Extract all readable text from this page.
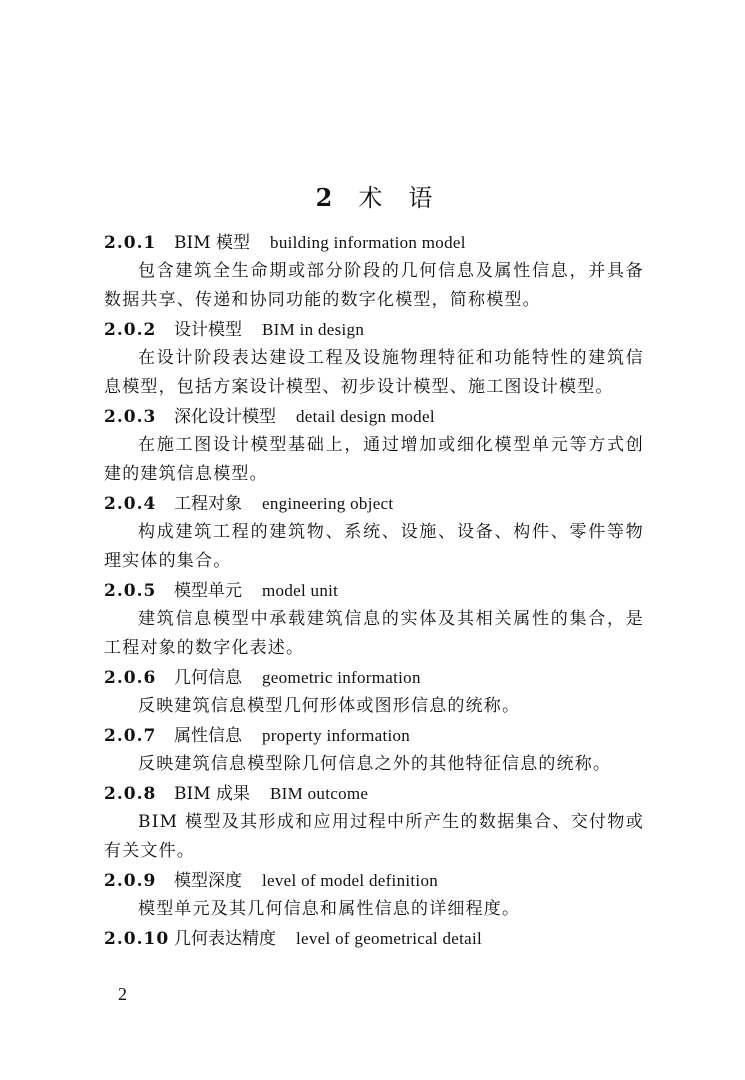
2 术 语
2.0.1 BIM 模型 building information model

包含建筑全生命期或部分阶段的几何信息及属性信息，并具备数据共享、传递和协同功能的数字化模型，简称模型。

2.0.2 设计模型 BIM in design

在设计阶段表达建设工程及设施物理特征和功能特性的建筑信息模型，包括方案设计模型、初步设计模型、施工图设计模型。

2.0.3 深化设计模型 detail design model

在施工图设计模型基础上，通过增加或细化模型单元等方式创建的建筑信息模型。

2.0.4 工程对象 engineering object

构成建筑工程的建筑物、系统、设施、设备、构件、零件等物理实体的集合。

2.0.5 模型单元 model unit

建筑信息模型中承载建筑信息的实体及其相关属性的集合，是工程对象的数字化表述。

2.0.6 几何信息 geometric information

反映建筑信息模型几何形体或图形信息的统称。

2.0.7 属性信息 property information

反映建筑信息模型除几何信息之外的其他特征信息的统称。

2.0.8 BIM 成果 BIM outcome

BIM 模型及其形成和应用过程中所产生的数据集合、交付物或有关文件。

2.0.9 模型深度 level of model definition

模型单元及其几何信息和属性信息的详细程度。

2.0.10 几何表达精度 level of geometrical detail
2
